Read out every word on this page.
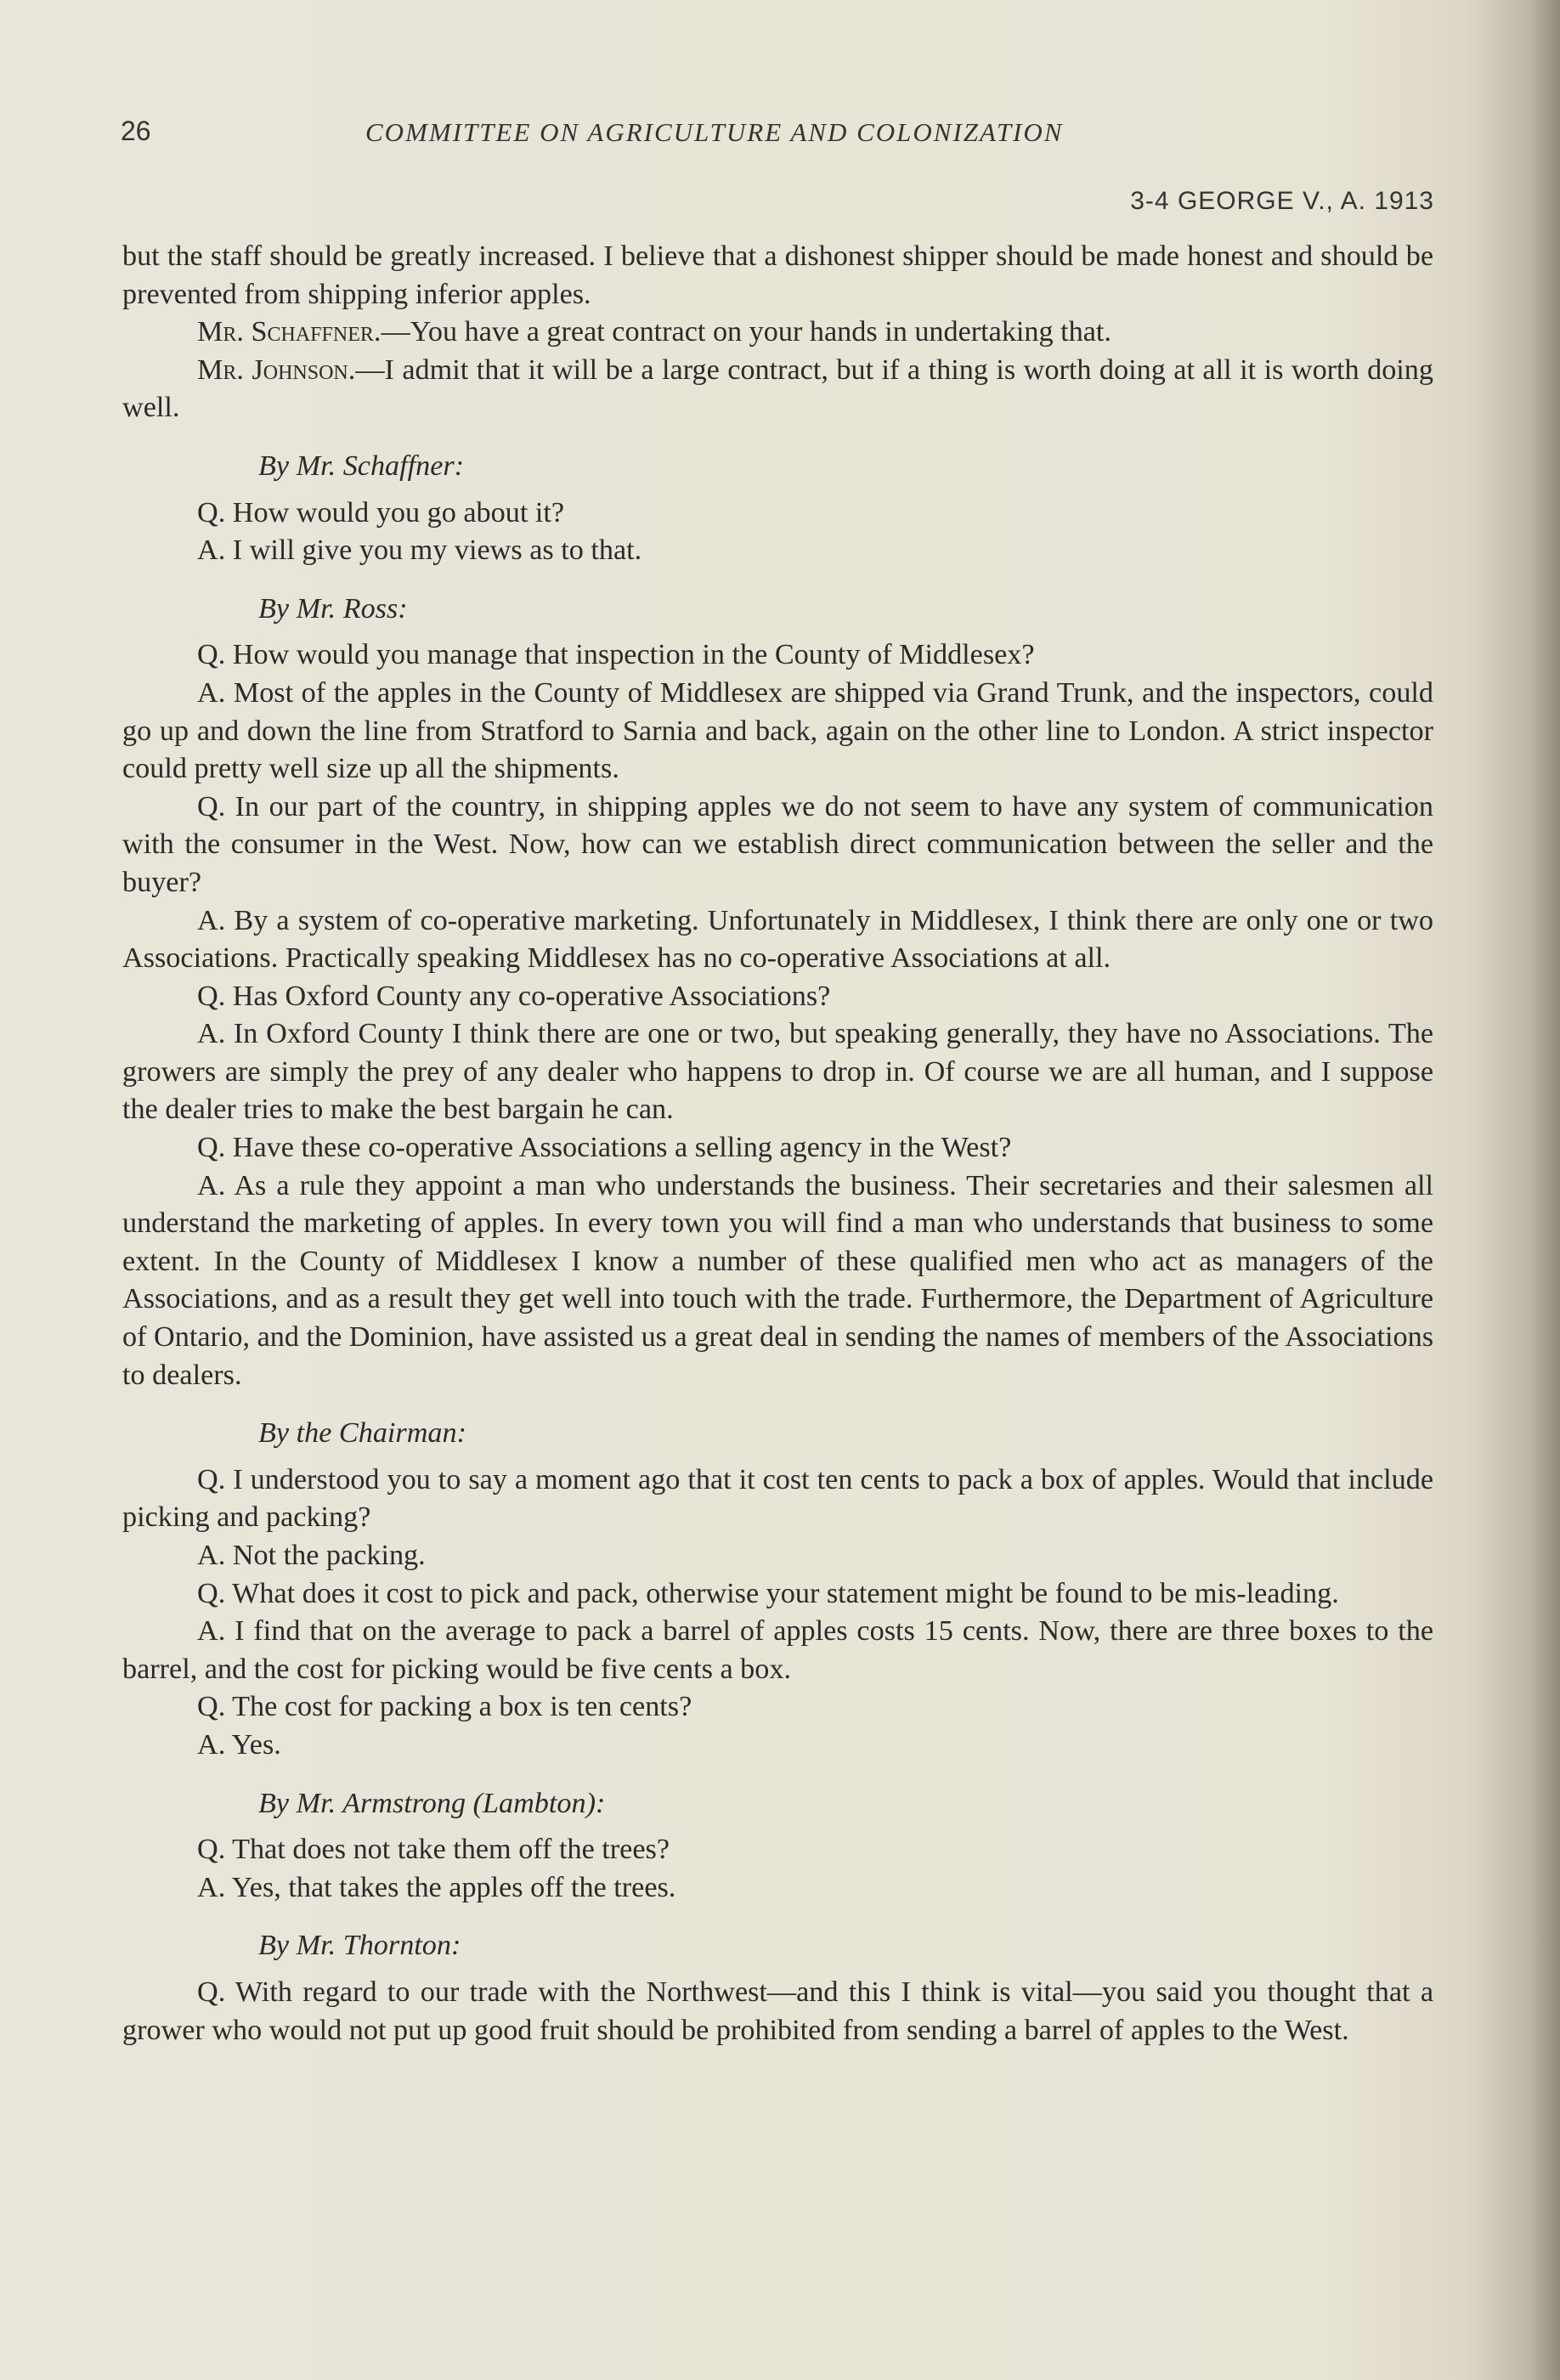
26	COMMITTEE ON AGRICULTURE AND COLONIZATION
3-4 GEORGE V., A. 1913

but the staff should be greatly increased. I believe that a dishonest shipper should be made honest and should be prevented from shipping inferior apples.

Mr. Schaffner.—You have a great contract on your hands in undertaking that.

Mr. Johnson.—I admit that it will be a large contract, but if a thing is worth doing at all it is worth doing well.

By Mr. Schaffner:

Q. How would you go about it?

A. I will give you my views as to that.

By Mr. Ross:

Q. How would you manage that inspection in the County of Middlesex?

A. Most of the apples in the County of Middlesex are shipped via Grand Trunk, and the inspectors, could go up and down the line from Stratford to Sarnia and back, again on the other line to London. A strict inspector could pretty well size up all the shipments.

Q. In our part of the country, in shipping apples we do not seem to have any system of communication with the consumer in the West. Now, how can we establish direct communication between the seller and the buyer?

A. By a system of co-operative marketing. Unfortunately in Middlesex, I think there are only one or two Associations. Practically speaking Middlesex has no co-operative Associations at all.

Q. Has Oxford County any co-operative Associations?

A. In Oxford County I think there are one or two, but speaking generally, they have no Associations. The growers are simply the prey of any dealer who happens to drop in. Of course we are all human, and I suppose the dealer tries to make the best bargain he can.

Q. Have these co-operative Associations a selling agency in the West?

A. As a rule they appoint a man who understands the business. Their secretaries and their salesmen all understand the marketing of apples. In every town you will find a man who understands that business to some extent. In the County of Middlesex I know a number of these qualified men who act as managers of the Associations, and as a result they get well into touch with the trade. Furthermore, the Department of Agriculture of Ontario, and the Dominion, have assisted us a great deal in sending the names of members of the Associations to dealers.

By the Chairman:

Q. I understood you to say a moment ago that it cost ten cents to pack a box of apples. Would that include picking and packing?

A. Not the packing.

Q. What does it cost to pick and pack, otherwise your statement might be found to be mis-leading.

A. I find that on the average to pack a barrel of apples costs 15 cents. Now, there are three boxes to the barrel, and the cost for picking would be five cents a box.

Q. The cost for packing a box is ten cents?

A. Yes.

By Mr. Armstrong (Lambton):

Q. That does not take them off the trees?

A. Yes, that takes the apples off the trees.

By Mr. Thornton:

Q. With regard to our trade with the Northwest—and this I think is vital—you said you thought that a grower who would not put up good fruit should be prohibited from sending a barrel of apples to the West.
